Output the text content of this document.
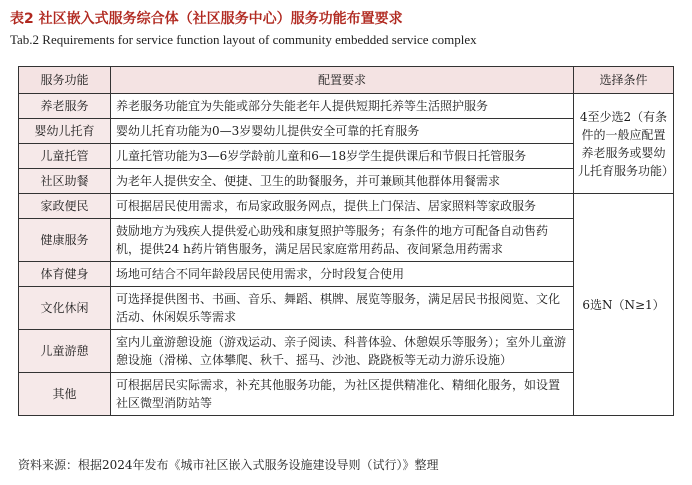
表2 社区嵌入式服务综合体（社区服务中心）服务功能布置要求
Tab.2 Requirements for service function layout of community embedded service complex
服务功能	配置要求	选择条件
养老服务	养老服务功能宜为失能或部分失能老年人提供短期托养等生活照护服务	4至少选2（有条件的一般应配置养老服务或婴幼儿托育服务功能）
婴幼儿托育	婴幼儿托育功能为0—3岁婴幼儿提供安全可靠的托育服务	
儿童托管	儿童托管功能为3—6岁学龄前儿童和6—18岁学生提供课后和节假日托管服务	
社区助餐	为老年人提供安全、便捷、卫生的助餐服务，并可兼顾其他群体用餐需求	
家政便民	可根据居民使用需求，布局家政服务网点，提供上门保洁、居家照料等家政服务	6选N（N≥1）
健康服务	鼓励地方为残疾人提供爱心助残和康复照护等服务；有条件的地方可配备自动售药机，提供24 h药片销售服务，满足居民家庭常用药品、夜间紧急用药需求	
体育健身	场地可结合不同年龄段居民使用需求，分时段复合使用	
文化休闲	可选择提供图书、书画、音乐、舞蹈、棋牌、展览等服务，满足居民书报阅览、文化活动、休闲娱乐等需求	
儿童游憩	室内儿童游憩设施（游戏运动、亲子阅读、科普体验、休憩娱乐等服务）；室外儿童游憩设施（滑梯、立体攀爬、秋千、摇马、沙池、跷跷板等无动力游乐设施）	
其他	可根据居民实际需求，补充其他服务功能，为社区提供精准化、精细化服务，如设置社区微型消防站等	
资料来源：根据2024年发布《城市社区嵌入式服务设施建设导则（试行）》整理
